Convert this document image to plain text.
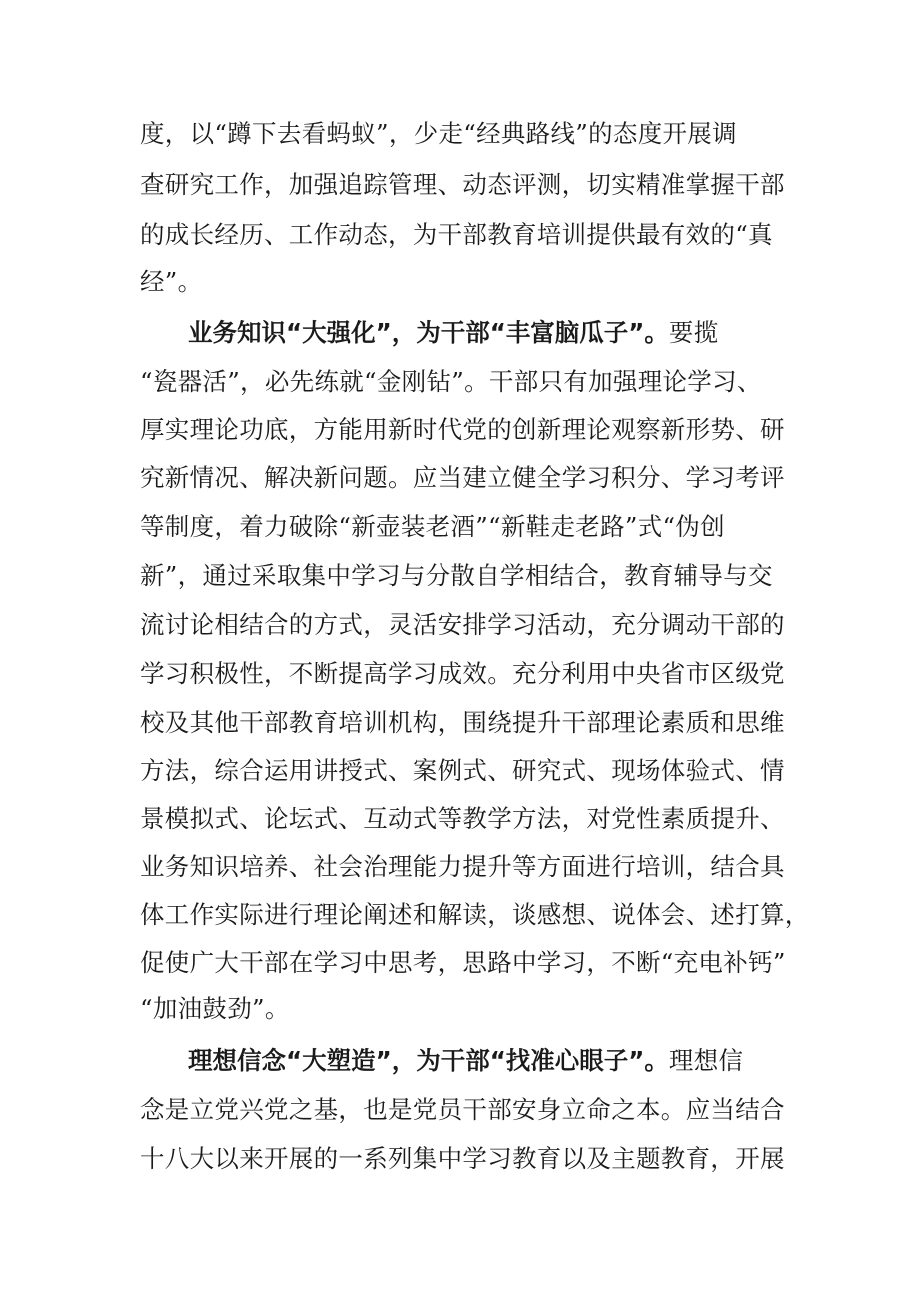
度，以“蹲下去看蚂蚁”，少走“经典路线”的态度开展调
查研究工作，加强追踪管理、动态评测，切实精准掌握干部
的成长经历、工作动态，为干部教育培训提供最有效的“真
经”。
业务知识“大强化”，为干部“丰富脑瓜子”。要揽
“瓷器活”，必先练就“金刚钻”。干部只有加强理论学习、
厚实理论功底，方能用新时代党的创新理论观察新形势、研
究新情况、解决新问题。应当建立健全学习积分、学习考评
等制度，着力破除“新壶装老酒”“新鞋走老路”式“伪创
新”，通过采取集中学习与分散自学相结合，教育辅导与交
流讨论相结合的方式，灵活安排学习活动，充分调动干部的
学习积极性，不断提高学习成效。充分利用中央省市区级党
校及其他干部教育培训机构，围绕提升干部理论素质和思维
方法，综合运用讲授式、案例式、研究式、现场体验式、情
景模拟式、论坛式、互动式等教学方法，对党性素质提升、
业务知识培养、社会治理能力提升等方面进行培训，结合具
体工作实际进行理论阐述和解读，谈感想、说体会、述打算，
促使广大干部在学习中思考，思路中学习，不断“充电补钙”
“加油鼓劲”。
理想信念“大塑造”，为干部“找准心眼子”。理想信
念是立党兴党之基，也是党员干部安身立命之本。应当结合
十八大以来开展的一系列集中学习教育以及主题教育，开展
